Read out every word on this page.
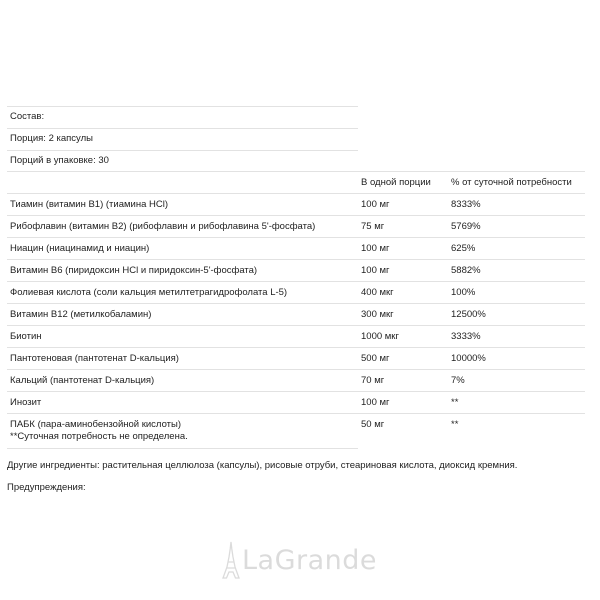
Состав:
Порция: 2 капсулы
Порций в упаковке: 30
	В одной порции	% от суточной потребности
Тиамин (витамин B1) (тиамина HCl)	100 мг	8333%
Рибофлавин (витамин B2) (рибофлавин и рибофлавина 5'-фосфата)	75 мг	5769%
Ниацин (ниацинамид и ниацин)	100 мг	625%
Витамин B6 (пиридоксин HCl и пиридоксин-5'-фосфата)	100 мг	5882%
Фолиевая кислота (соли кальция метилтетрагидрофолата L-5)	400 мкг	100%
Витамин B12 (метилкобаламин)	300 мкг	12500%
Биотин	1000 мкг	3333%
Пантотеновая (пантотенат D-кальция)	500 мг	10000%
Кальций (пантотенат D-кальция)	70 мг	7%
Инозит	100 мг	**
ПАБК (пара-аминобензойной кислоты)	50 мг	**
**Суточная потребность не определена.
Другие ингредиенты: растительная целлюлоза (капсулы), рисовые отруби, стеариновая кислота, диоксид кремния.
Предупреждения:
LaGrande
